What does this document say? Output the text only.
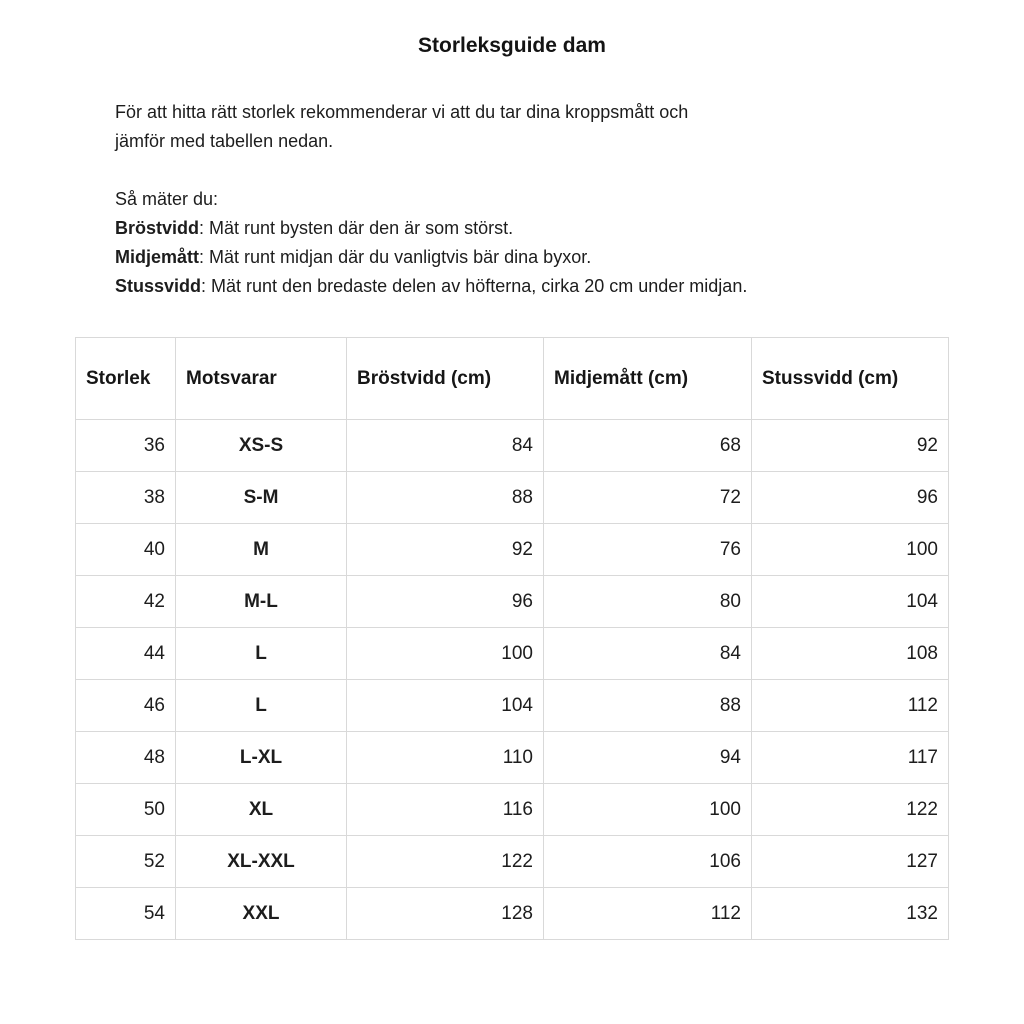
Storleksguide dam

För att hitta rätt storlek rekommenderar vi att du tar dina kroppsmått och
jämför med tabellen nedan.

Så mäter du:

Bröstvidd: Mät runt bysten där den är som störst.

Midjemått: Mät runt midjan där du vanligtvis bär dina byxor.

Stussvidd: Mät runt den bredaste delen av höfterna, cirka 20 cm under midjan.

Storlek	Motsvarar	Bröstvidd (cm)	Midjemått (cm)	Stussvidd (cm)
36	XS-S	84	68	92
38	S-M	88	72	96
40	M	92	76	100
42	M-L	96	80	104
44	L	100	84	108
46	L	104	88	112
48	L-XL	110	94	117
50	XL	116	100	122
52	XL-XXL	122	106	127
54	XXL	128	112	132
